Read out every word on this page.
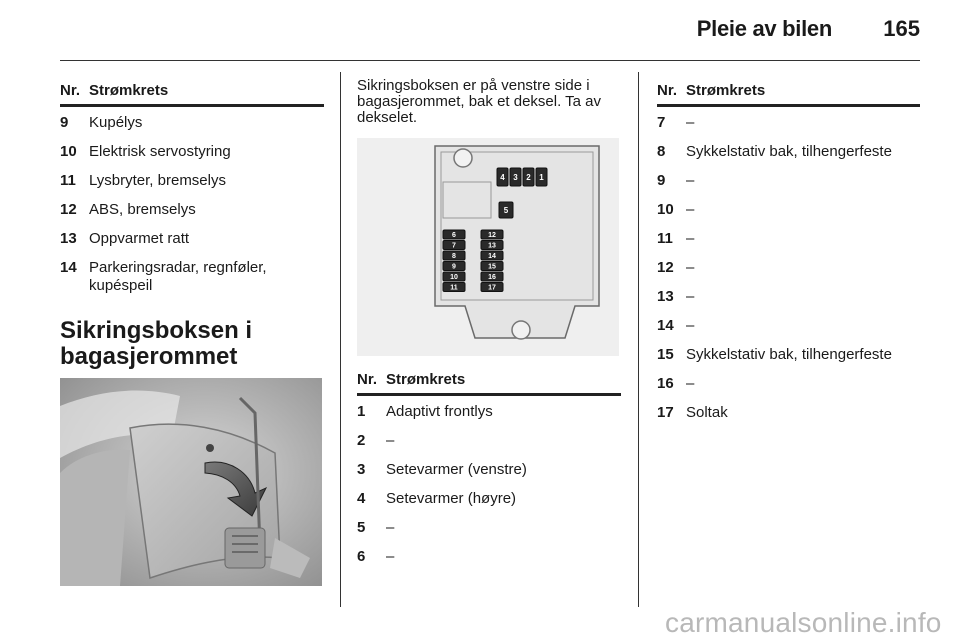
Pleie av bilen 165
Nr. Strømkrets
9	Kupélys
10 Elektrisk servostyring
11 Lysbryter, bremselys
12 ABS, bremselys
13 Oppvarmet ratt
14 Parkeringsradar, regnføler, kupéspeil
Sikringsboksen i bagasjerommet
Sikringsboksen er på venstre side i bagasjerommet, bak et deksel. Ta av dekselet.
4 3 2 1
5
6
7
8
9
10
11
12
13
14
15
16
17
Nr. Strømkrets
1	Adaptivt frontlys
2	–
3	Setevarmer (venstre)
4	Setevarmer (høyre)
5	–
6	–
Nr. Strømkrets
7	–
8	Sykkelstativ bak, tilhengerfeste
9	–
10 –
11 –
12 –
13 –
14 –
15 Sykkelstativ bak, tilhengerfeste
16 –
17 Soltak
carmanualsonline.info
